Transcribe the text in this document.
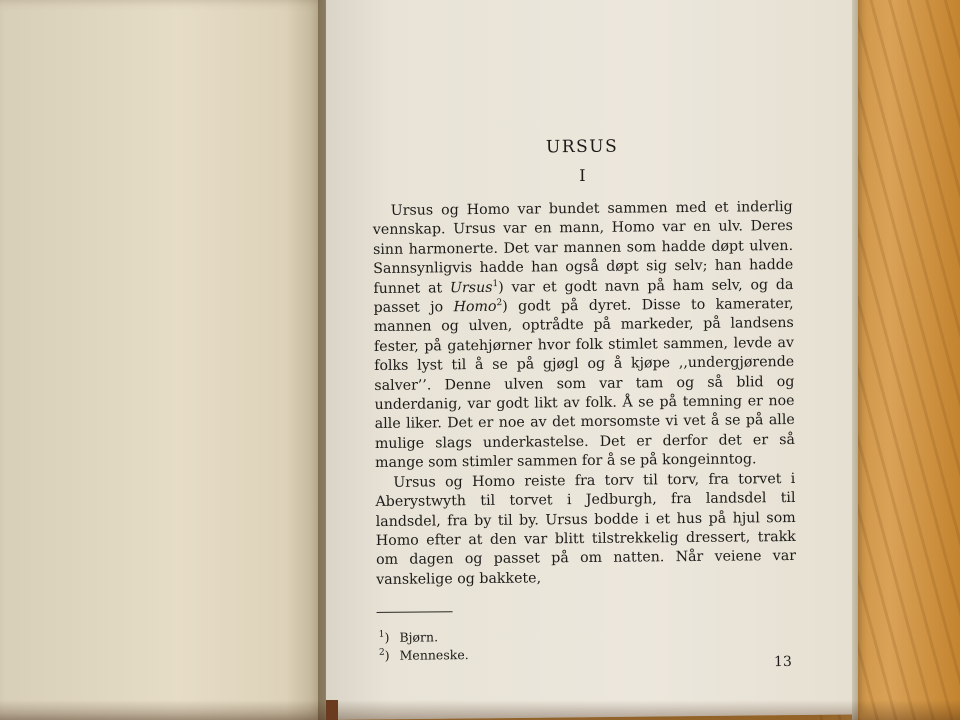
URSUS
I

Ursus og Homo var bundet sammen med et inderlig vennskap. Ursus var en mann, Homo var en ulv. Deres sinn harmonerte. Det var mannen som hadde døpt ulven. Sannsynligvis hadde han også døpt sig selv; han hadde funnet at Ursus$^1$) var et godt navn på ham selv, og da passet jo Homo$^2$) godt på dyret. Disse to kamerater, mannen og ulven, optrådte på markeder, på landsens fester, på gatehjørner hvor folk stimlet sammen, levde av folks lyst til å se på gjøgl og å kjøpe ,,undergjørende salver’’. Denne ulven som var tam og så blid og underdanig, var godt likt av folk. Å se på temning er noe alle liker. Det er noe av det morsomste vi vet å se på alle mulige slags underkastelse. Det er derfor det er så mange som stimler sammen for å se på kongeinntog.

Ursus og Homo reiste fra torv til torv, fra torvet i Aberystwyth til torvet i Jedburgh, fra landsdel til landsdel, fra by til by. Ursus bodde i et hus på hjul som Homo efter at den var blitt tilstrekkelig dressert, trakk om dagen og passet på om natten. Når veiene var vanskelige og bakkete,

$^1$) Bjørn.
$^2$) Menneske.	13
